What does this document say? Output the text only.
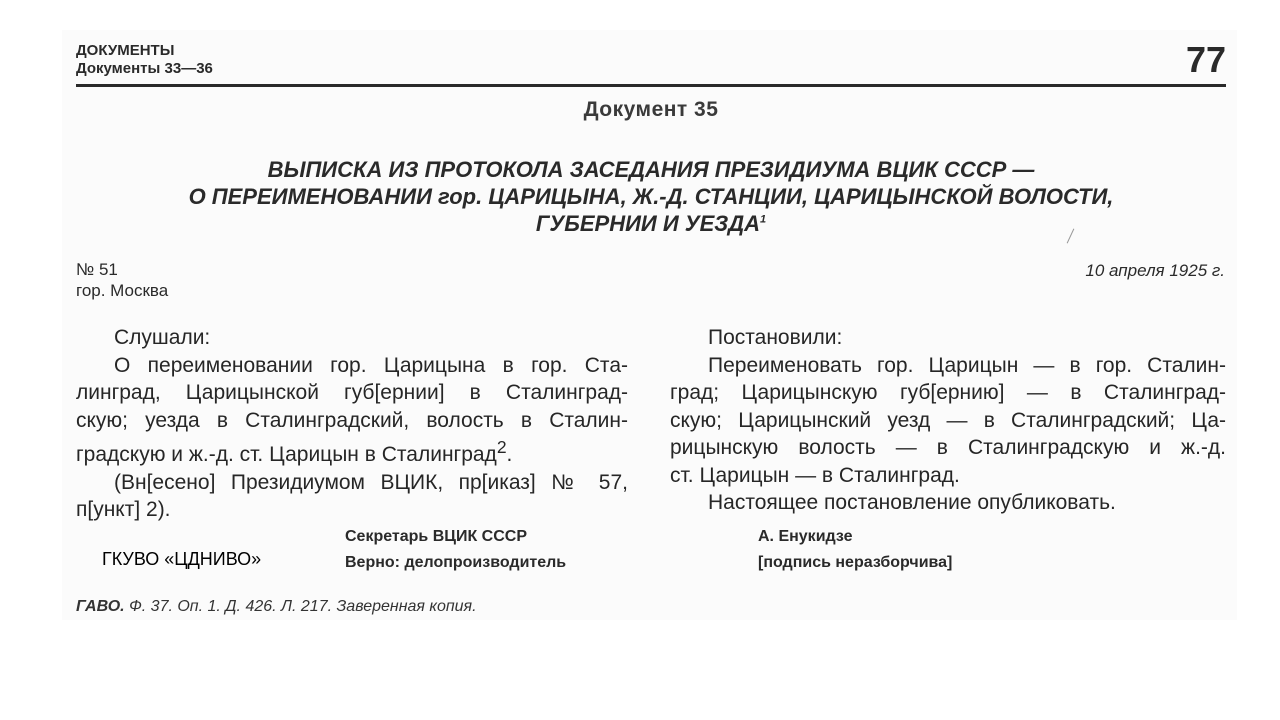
ДОКУМЕНТЫ
Документы 33—36	77
Документ 35
ВЫПИСКА ИЗ ПРОТОКОЛА ЗАСЕДАНИЯ ПРЕЗИДИУМА ВЦИК СССР —
О ПЕРЕИМЕНОВАНИИ гор. ЦАРИЦЫНА, Ж.-Д. СТАНЦИИ, ЦАРИЦЫНСКОЙ ВОЛОСТИ,
ГУБЕРНИИ И УЕЗДА$^1$
№ 51
гор. Москва
10 апреля 1925 г.
Слушали:
О переименовании гор. Царицына в гор. Ста-
линград, Царицынской губ[ернии] в Сталинград-
скую; уезда в Сталинградский, волость в Сталин-
градскую и ж.-д. ст. Царицын в Сталинград$^2$.
(Вн[есено] Президиумом ВЦИК, пр[иказ] № 57,
п[ункт] 2).
Постановили:
Переименовать гор. Царицын — в гор. Сталин-
град; Царицынскую губ[ернию] — в Сталинград-
скую; Царицынский уезд — в Сталинградский; Ца-
рицынскую волость — в Сталинградскую и ж.-д.
ст. Царицын — в Сталинград.
Настоящее постановление опубликовать.
Секретарь ВЦИК СССР
Верно: делопроизводитель
А. Енукидзе
[подпись неразборчива]
ГКУВО «ЦДНИВО»
ГАВО. Ф. 37. Оп. 1. Д. 426. Л. 217. Заверенная копия.
